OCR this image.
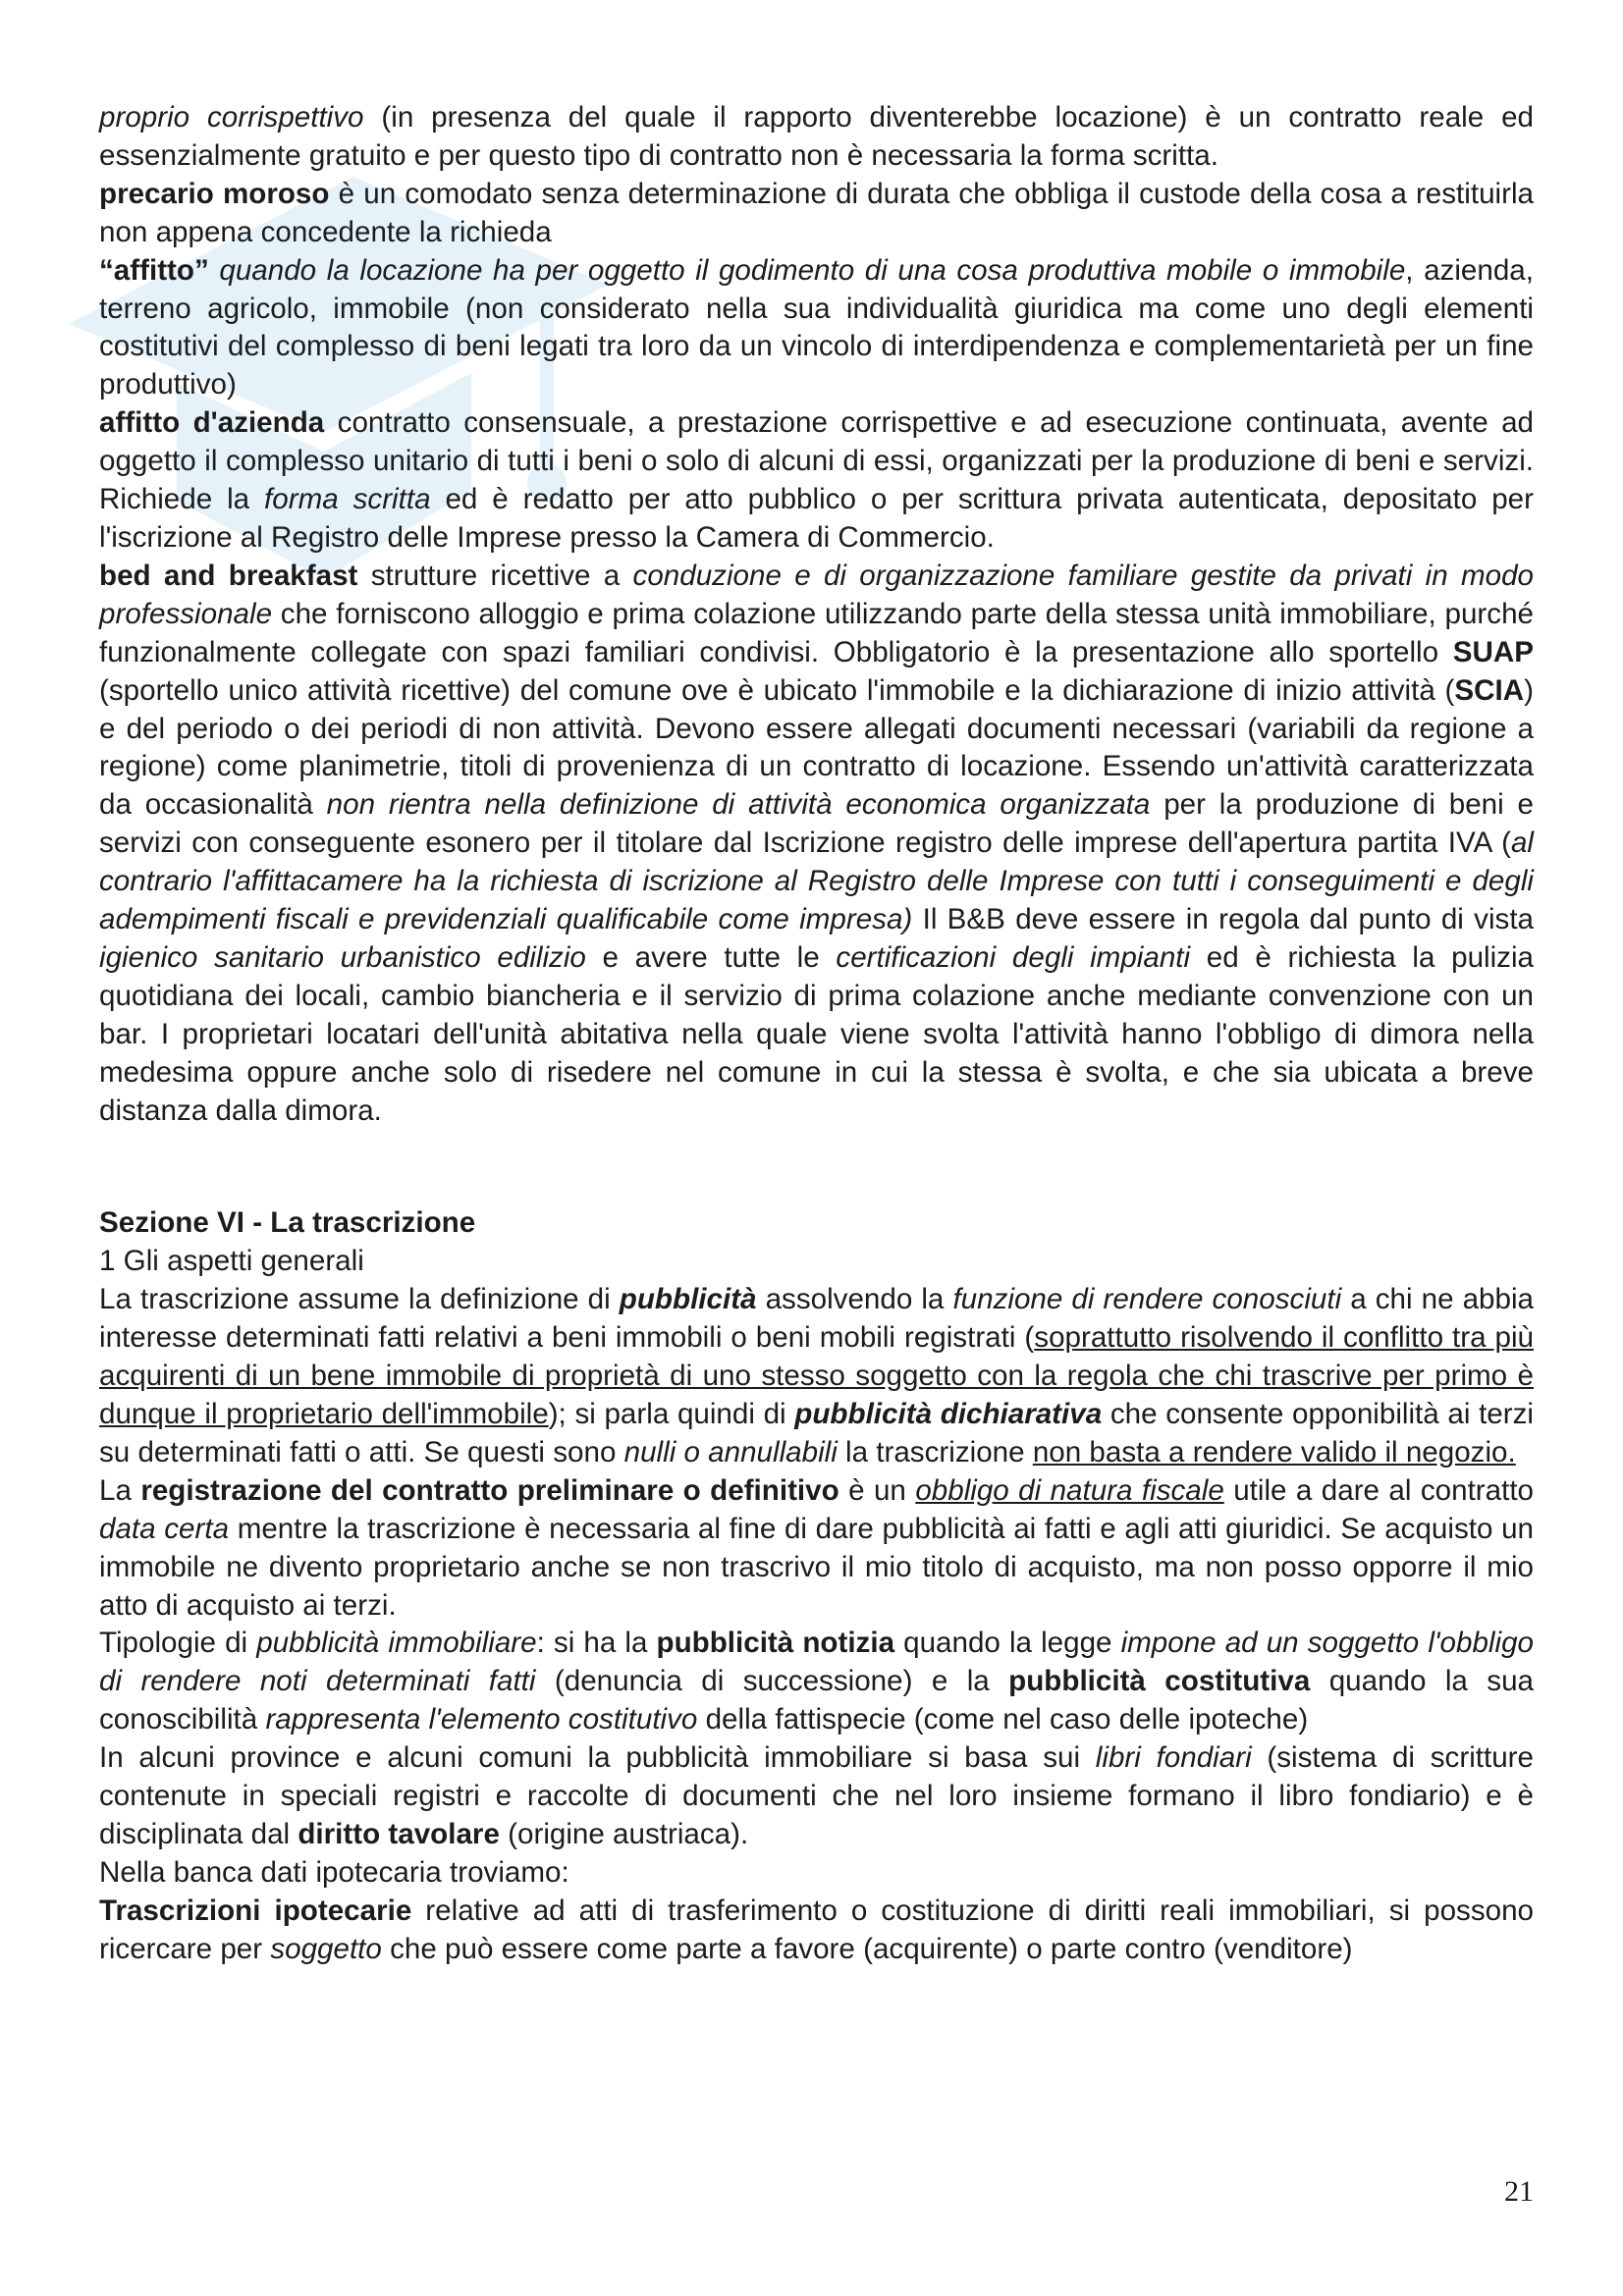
proprio corrispettivo (in presenza del quale il rapporto diventerebbe locazione) è un contratto reale ed essenzialmente gratuito e per questo tipo di contratto non è necessaria la forma scritta.

precario moroso è un comodato senza determinazione di durata che obbliga il custode della cosa a restituirla non appena concedente la richieda

“affitto” quando la locazione ha per oggetto il godimento di una cosa produttiva mobile o immobile, azienda, terreno agricolo, immobile (non considerato nella sua individualità giuridica ma come uno degli elementi costitutivi del complesso di beni legati tra loro da un vincolo di interdipendenza e complementarietà per un fine produttivo)

affitto d'azienda contratto consensuale, a prestazione corrispettive e ad esecuzione continuata, avente ad oggetto il complesso unitario di tutti i beni o solo di alcuni di essi, organizzati per la produzione di beni e servizi. Richiede la forma scritta ed è redatto per atto pubblico o per scrittura privata autenticata, depositato per l'iscrizione al Registro delle Imprese presso la Camera di Commercio.

bed and breakfast strutture ricettive a conduzione e di organizzazione familiare gestite da privati in modo professionale che forniscono alloggio e prima colazione utilizzando parte della stessa unità immobiliare, purché funzionalmente collegate con spazi familiari condivisi. Obbligatorio è la presentazione allo sportello SUAP (sportello unico attività ricettive) del comune ove è ubicato l'immobile e la dichiarazione di inizio attività (SCIA) e del periodo o dei periodi di non attività. Devono essere allegati documenti necessari (variabili da regione a regione) come planimetrie, titoli di provenienza di un contratto di locazione. Essendo un'attività caratterizzata da occasionalità non rientra nella definizione di attività economica organizzata per la produzione di beni e servizi con conseguente esonero per il titolare dal Iscrizione registro delle imprese dell'apertura partita IVA (al contrario l'affittacamere ha la richiesta di iscrizione al Registro delle Imprese con tutti i conseguimenti e degli adempimenti fiscali e previdenziali qualificabile come impresa) Il B&B deve essere in regola dal punto di vista igienico sanitario urbanistico edilizio e avere tutte le certificazioni degli impianti ed è richiesta la pulizia quotidiana dei locali, cambio biancheria e il servizio di prima colazione anche mediante convenzione con un bar. I proprietari locatari dell'unità abitativa nella quale viene svolta l'attività hanno l'obbligo di dimora nella medesima oppure anche solo di risedere nel comune in cui la stessa è svolta, e che sia ubicata a breve distanza dalla dimora.

Sezione VI - La trascrizione

1 Gli aspetti generali

La trascrizione assume la definizione di pubblicità assolvendo la funzione di rendere conosciuti a chi ne abbia interesse determinati fatti relativi a beni immobili o beni mobili registrati (soprattutto risolvendo il conflitto tra più acquirenti di un bene immobile di proprietà di uno stesso soggetto con la regola che chi trascrive per primo è dunque il proprietario dell'immobile); si parla quindi di pubblicità dichiarativa che consente opponibilità ai terzi su determinati fatti o atti. Se questi sono nulli o annullabili la trascrizione non basta a rendere valido il negozio.

La registrazione del contratto preliminare o definitivo è un obbligo di natura fiscale utile a dare al contratto data certa mentre la trascrizione è necessaria al fine di dare pubblicità ai fatti e agli atti giuridici. Se acquisto un immobile ne divento proprietario anche se non trascrivo il mio titolo di acquisto, ma non posso opporre il mio atto di acquisto ai terzi.

Tipologie di pubblicità immobiliare: si ha la pubblicità notizia quando la legge impone ad un soggetto l'obbligo di rendere noti determinati fatti (denuncia di successione) e la pubblicità costitutiva quando la sua conoscibilità rappresenta l'elemento costitutivo della fattispecie (come nel caso delle ipoteche)

In alcuni province e alcuni comuni la pubblicità immobiliare si basa sui libri fondiari (sistema di scritture contenute in speciali registri e raccolte di documenti che nel loro insieme formano il libro fondiario) e è disciplinata dal diritto tavolare (origine austriaca).

Nella banca dati ipotecaria troviamo:

Trascrizioni ipotecarie relative ad atti di trasferimento o costituzione di diritti reali immobiliari, si possono ricercare per soggetto che può essere come parte a favore (acquirente) o parte contro (venditore)

21
